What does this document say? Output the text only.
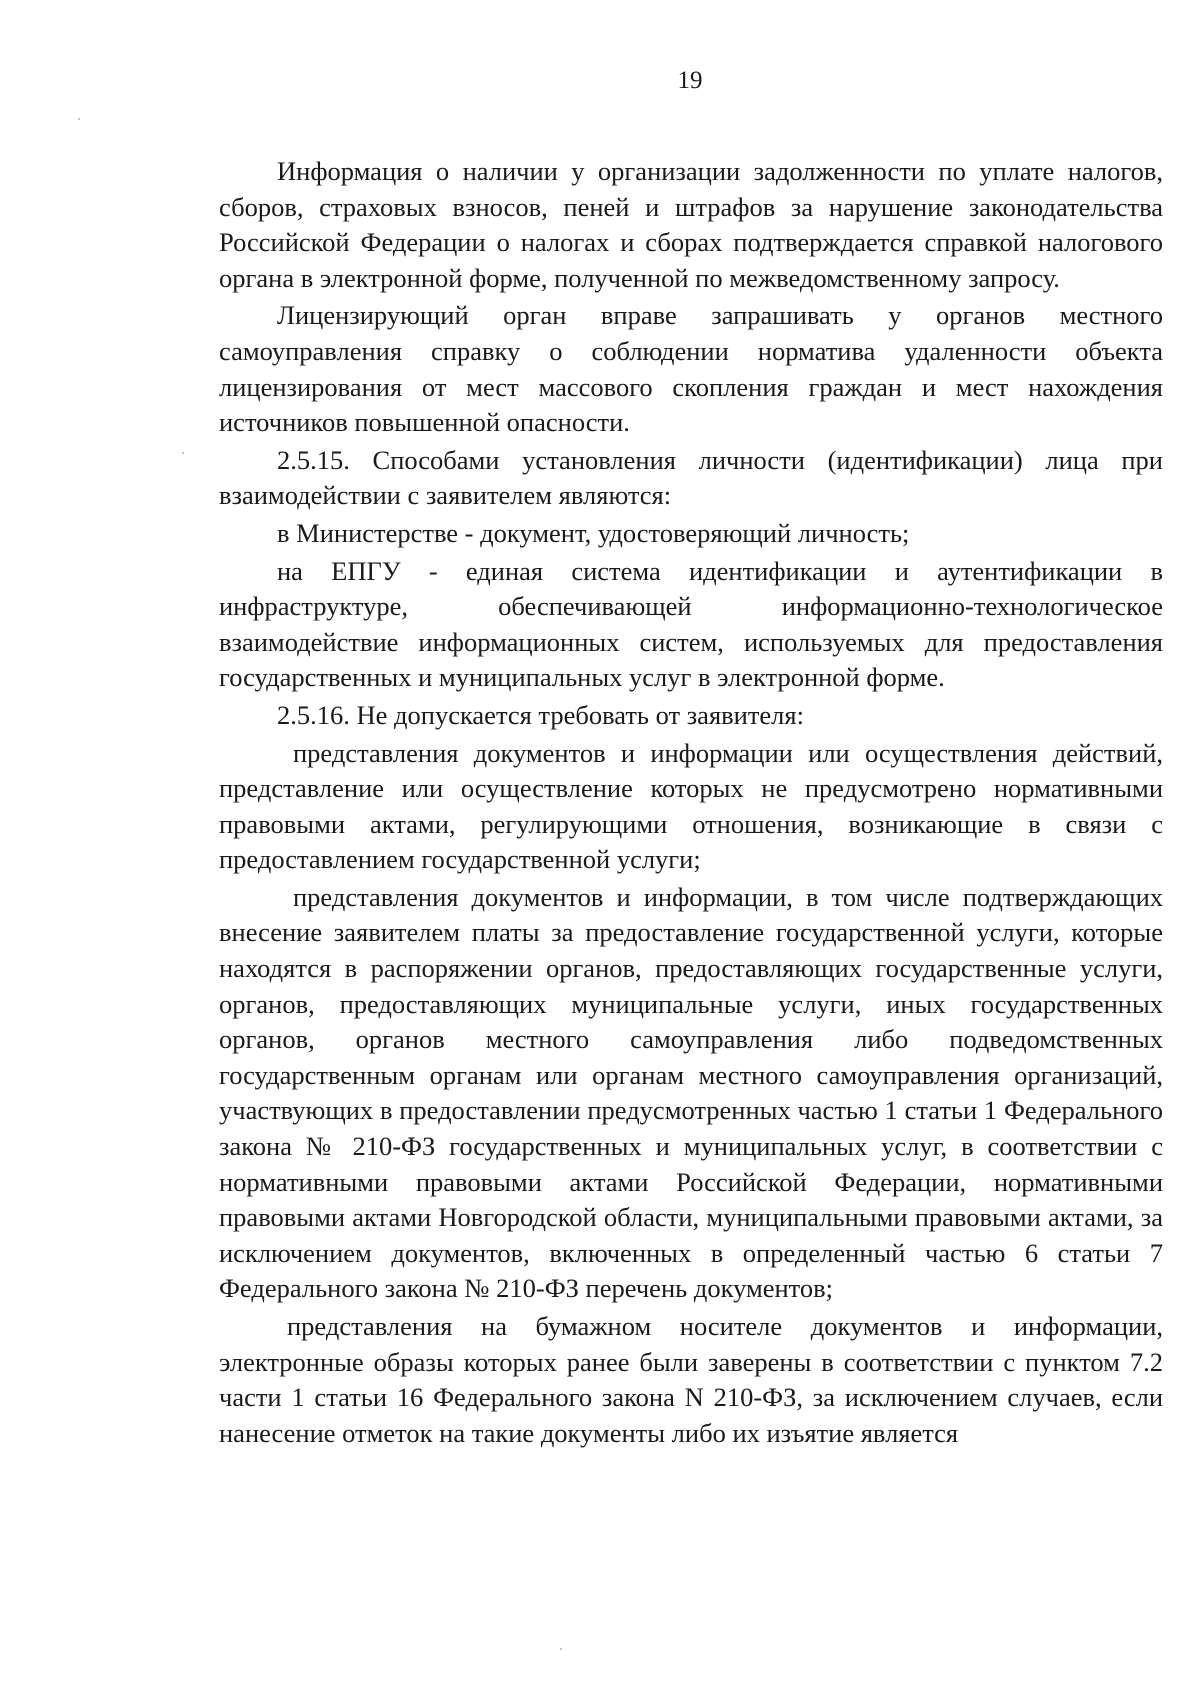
19

Информация о наличии у организации задолженности по уплате налогов, сборов, страховых взносов, пеней и штрафов за нарушение законодательства Российской Федерации о налогах и сборах подтверждается справкой налогового органа в электронной форме, полученной по межведомственному запросу.

Лицензирующий орган вправе запрашивать у органов местного самоуправления справку о соблюдении норматива удаленности объекта лицензирования от мест массового скопления граждан и мест нахождения источников повышенной опасности.

2.5.15. Способами установления личности (идентификации) лица при взаимодействии с заявителем являются:

в Министерстве - документ, удостоверяющий личность;

на ЕПГУ - единая система идентификации и аутентификации в инфраструктуре, обеспечивающей информационно-технологическое взаимодействие информационных систем, используемых для предоставления государственных и муниципальных услуг в электронной форме.

2.5.16. Не допускается требовать от заявителя:

представления документов и информации или осуществления действий, представление или осуществление которых не предусмотрено нормативными правовыми актами, регулирующими отношения, возникающие в связи с предоставлением государственной услуги;

представления документов и информации, в том числе подтверждающих внесение заявителем платы за предоставление государственной услуги, которые находятся в распоряжении органов, предоставляющих государственные услуги, органов, предоставляющих муниципальные услуги, иных государственных органов, органов местного самоуправления либо подведомственных государственным органам или органам местного самоуправления организаций, участвующих в предоставлении предусмотренных частью 1 статьи 1 Федерального закона № 210-ФЗ государственных и муниципальных услуг, в соответствии с нормативными правовыми актами Российской Федерации, нормативными правовыми актами Новгородской области, муниципальными правовыми актами, за исключением документов, включенных в определенный частью 6 статьи 7 Федерального закона № 210-ФЗ перечень документов;

представления на бумажном носителе документов и информации, электронные образы которых ранее были заверены в соответствии с пунктом 7.2 части 1 статьи 16 Федерального закона N 210-ФЗ, за исключением случаев, если нанесение отметок на такие документы либо их изъятие является
